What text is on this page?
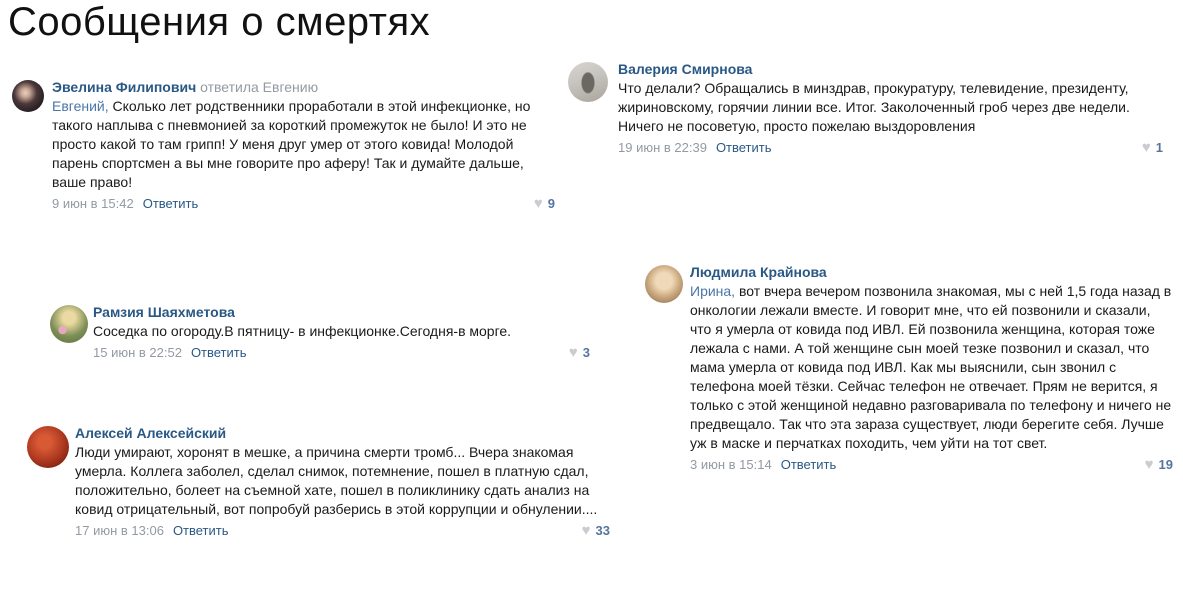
Сообщения о смертях
Эвелина Филипович ответила Евгению
Евгений, Сколько лет родственники проработали в этой инфекционке, но такого наплыва с пневмонией за короткий промежуток не было! И это не просто какой то там грипп! У меня друг умер от этого ковида! Молодой парень спортсмен а вы мне говорите про аферу! Так и думайте дальше, ваше право!
9 июн в 15:42 Ответить	♥ 9
Рамзия Шаяхметова
Соседка по огороду.В пятницу- в инфекционке.Сегодня-в морге.
15 июн в 22:52 Ответить	♥ 3
Алексей Алексейский
Люди умирают, хоронят в мешке, а причина смерти тромб... Вчера знакомая умерла. Коллега заболел, сделал снимок, потемнение, пошел в платную сдал, положительно, болеет на съемной хате, пошел в поликлинику сдать анализ на ковид отрицательный, вот попробуй разберись в этой коррупции и обнулении....
17 июн в 13:06 Ответить	♥ 33
Валерия Смирнова
Что делали? Обращались в минздрав, прокуратуру, телевидение, президенту, жириновскому, горячии линии все. Итог. Заколоченный гроб через две недели. Ничего не посоветую, просто пожелаю выздоровления
19 июн в 22:39 Ответить	♥ 1
Людмила Крайнова
Ирина, вот вчера вечером позвонила знакомая, мы с ней 1,5 года назад в онкологии лежали вместе. И говорит мне, что ей позвонили и сказали, что я умерла от ковида под ИВЛ. Ей позвонила женщина, которая тоже лежала с нами. А той женщине сын моей тезке позвонил и сказал, что мама умерла от ковида под ИВЛ. Как мы выяснили, сын звонил с телефона моей тёзки. Сейчас телефон не отвечает. Прям не верится, я только с этой женщиной недавно разговаривала по телефону и ничего не предвещало. Так что эта зараза существует, люди берегите себя. Лучше уж в маске и перчатках походить, чем уйти на тот свет.
3 июн в 15:14 Ответить	♥ 19
